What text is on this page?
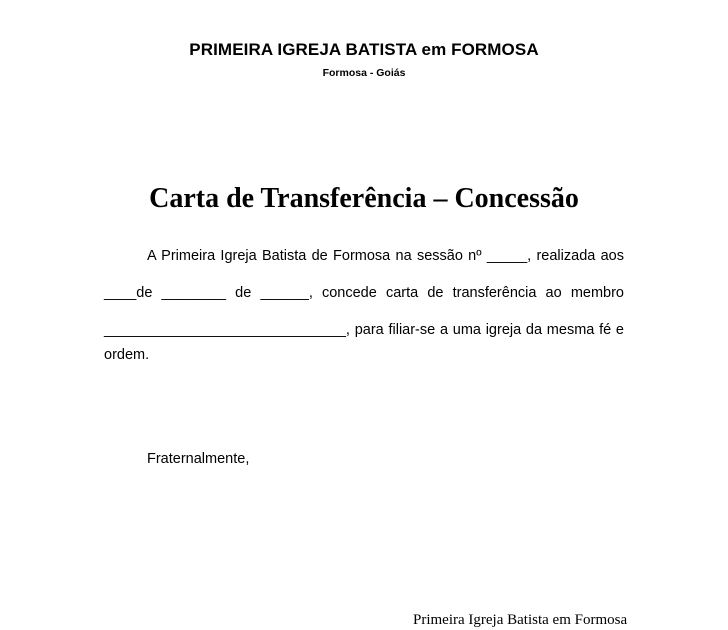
PRIMEIRA IGREJA BATISTA em FORMOSA
Formosa - Goiás
Carta de Transferência – Concessão
A Primeira Igreja Batista de Formosa na sessão nº _____, realizada aos
____de ________ de ______, concede carta de transferência ao membro
______________________________, para filiar-se a uma igreja da mesma fé e
ordem.
Fraternalmente,
Primeira Igreja Batista em Formosa
